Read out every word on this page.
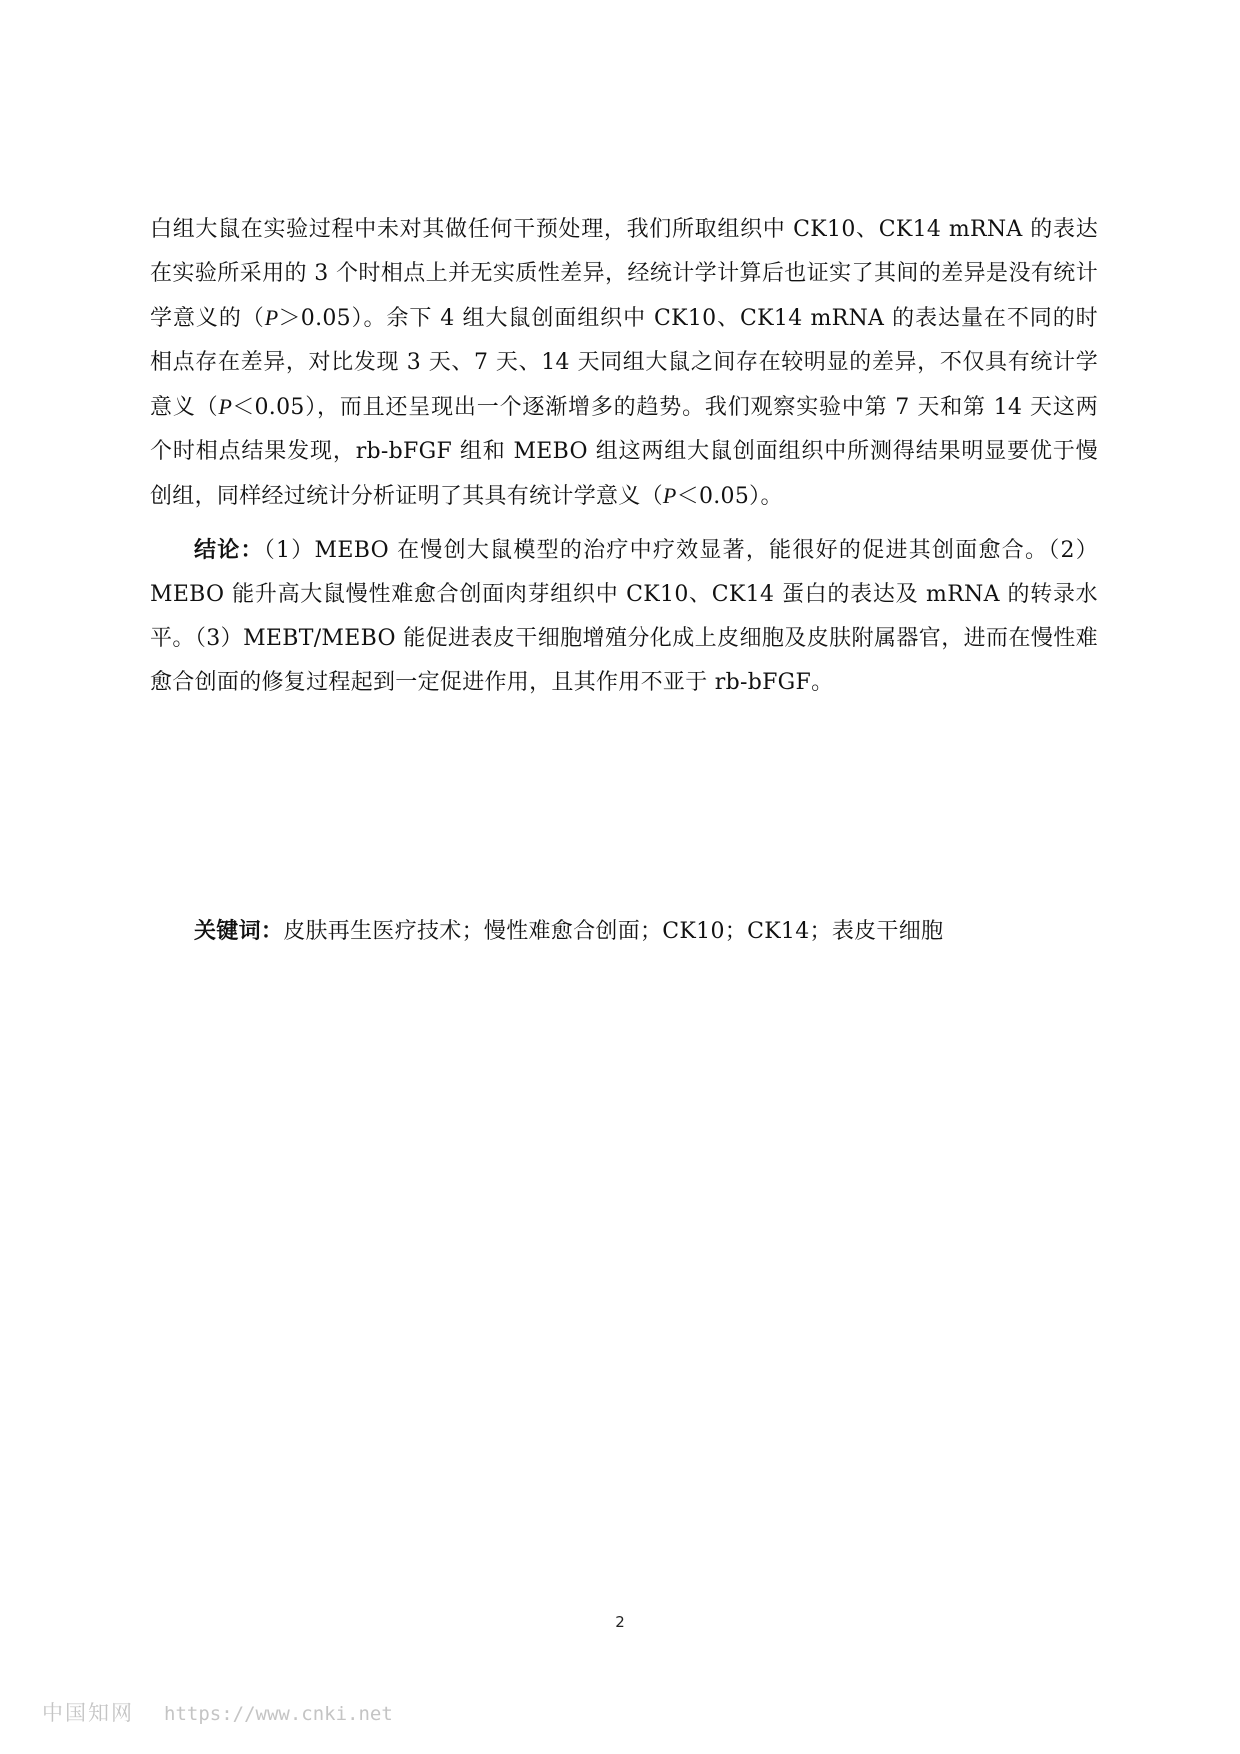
白组大鼠在实验过程中未对其做任何干预处理，我们所取组织中 CK10、CK14 mRNA 的表达在实验所采用的 3 个时相点上并无实质性差异，经统计学计算后也证实了其间的差异是没有统计学意义的（P＞0.05）。余下 4 组大鼠创面组织中 CK10、CK14 mRNA 的表达量在不同的时相点存在差异，对比发现 3 天、7 天、14 天同组大鼠之间存在较明显的差异，不仅具有统计学意义（P＜0.05），而且还呈现出一个逐渐增多的趋势。我们观察实验中第 7 天和第 14 天这两个时相点结果发现，rb-bFGF 组和 MEBO 组这两组大鼠创面组织中所测得结果明显要优于慢创组，同样经过统计分析证明了其具有统计学意义（P＜0.05）。

结论：（1）MEBO 在慢创大鼠模型的治疗中疗效显著，能很好的促进其创面愈合。（2）MEBO 能升高大鼠慢性难愈合创面肉芽组织中 CK10、CK14 蛋白的表达及 mRNA 的转录水平。（3）MEBT/MEBO 能促进表皮干细胞增殖分化成上皮细胞及皮肤附属器官，进而在慢性难愈合创面的修复过程起到一定促进作用，且其作用不亚于 rb-bFGF。

关键词：皮肤再生医疗技术；慢性难愈合创面；CK10；CK14；表皮干细胞
2
中国知网 https://www.cnki.net
